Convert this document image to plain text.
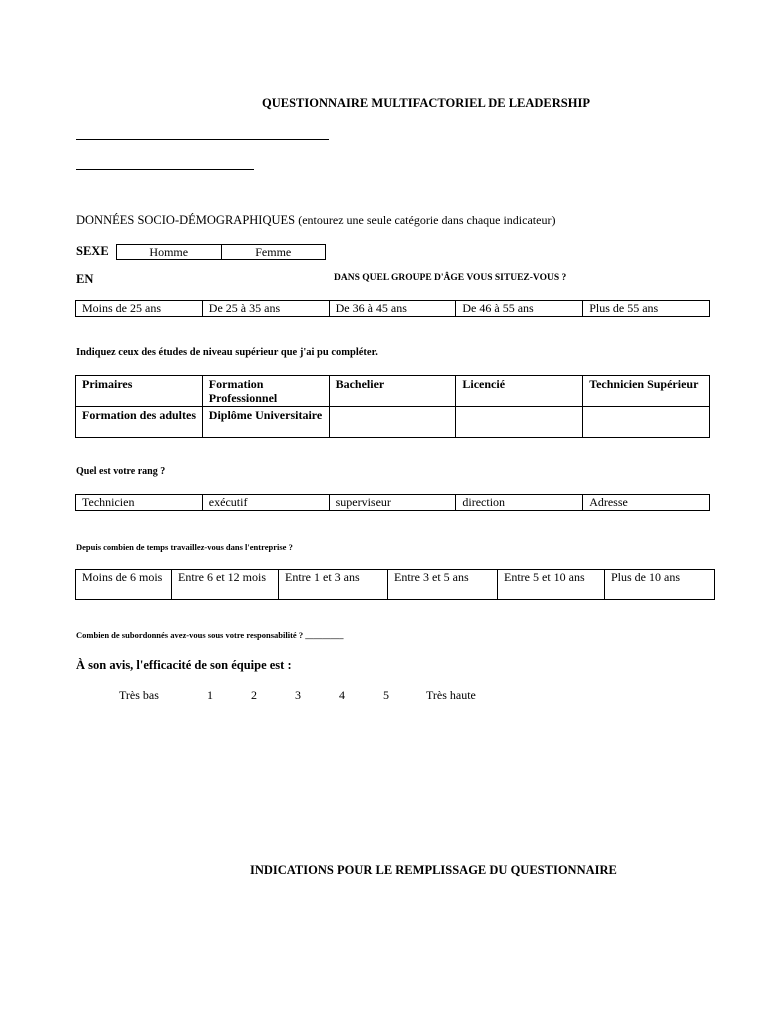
QUESTIONNAIRE MULTIFACTORIEL DE LEADERSHIP
DONNÉES SOCIO-DÉMOGRAPHIQUES (entourez une seule catégorie dans chaque indicateur)
SEXE	Homme	Femme
EN	DANS QUEL GROUPE D'ÂGE VOUS SITUEZ-VOUS ?
Moins de 25 ans	De 25 à 35 ans	De 36 à 45 ans	De 46 à 55 ans	Plus de 55 ans
Indiquez ceux des études de niveau supérieur que j'ai pu compléter.
Primaires	Formation Professionnel	Bachelier	Licencié	Technicien Supérieur
Formation des adultes	Diplôme Universitaire			
Quel est votre rang ?
Technicien	exécutif	superviseur	direction	Adresse
Depuis combien de temps travaillez-vous dans l'entreprise ?
Moins de 6 mois	Entre 6 et 12 mois	Entre 1 et 3 ans	Entre 3 et 5 ans	Entre 5 et 10 ans	Plus de 10 ans
Combien de subordonnés avez-vous sous votre responsabilité ? _________
À son avis, l'efficacité de son équipe est :
Très bas	1	2	3	4	5	Très haute
INDICATIONS POUR LE REMPLISSAGE DU QUESTIONNAIRE
